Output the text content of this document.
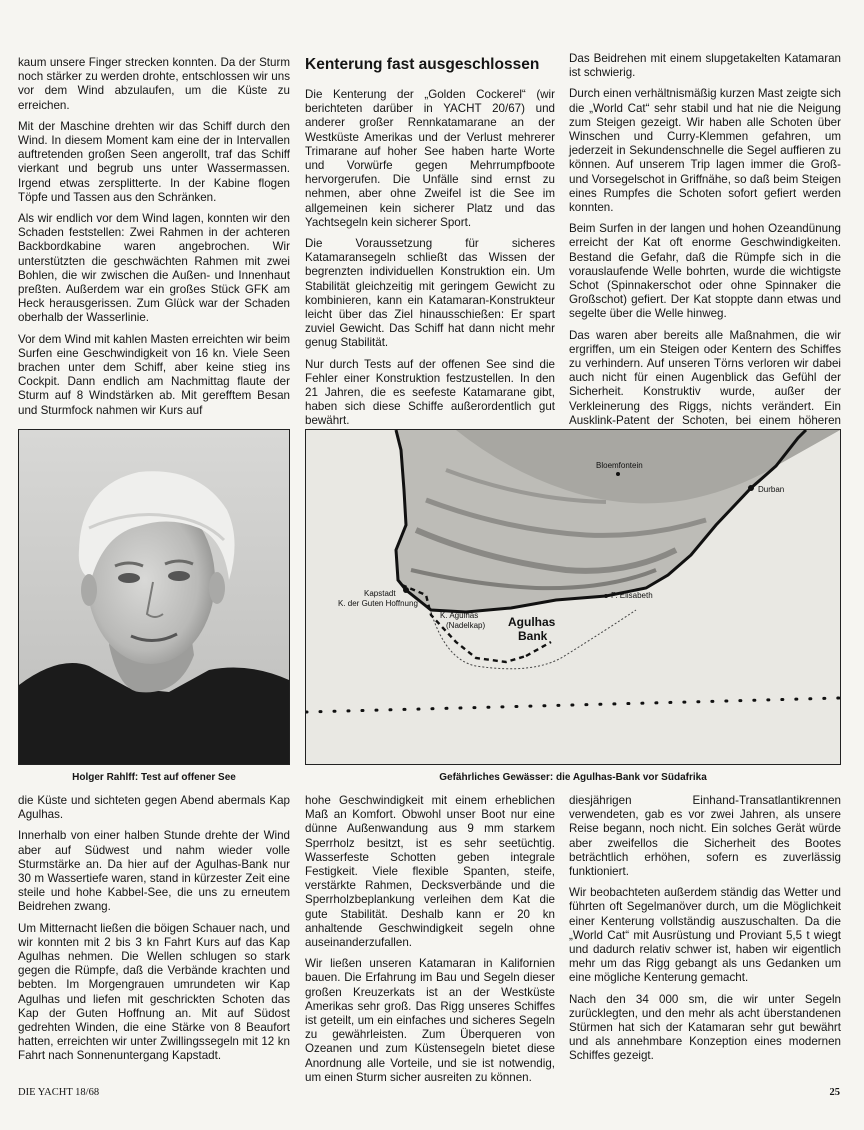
kaum unsere Finger strecken konnten. Da der Sturm noch stärker zu werden drohte, entschlossen wir uns vor dem Wind abzulaufen, um die Küste zu erreichen.

Mit der Maschine drehten wir das Schiff durch den Wind. In diesem Moment kam eine der in Intervallen auftretenden großen Seen angerollt, traf das Schiff vierkant und begrub uns unter Wassermassen. Irgend etwas zersplitterte. In der Kabine flogen Töpfe und Tassen aus den Schränken.

Als wir endlich vor dem Wind lagen, konnten wir den Schaden feststellen: Zwei Rahmen in der achteren Backbordkabine waren angebrochen. Wir unterstützten die geschwächten Rahmen mit zwei Bohlen, die wir zwischen die Außen- und Innenhaut preßten. Außerdem war ein großes Stück GFK am Heck herausgerissen. Zum Glück war der Schaden oberhalb der Wasserlinie.

Vor dem Wind mit kahlen Masten erreichten wir beim Surfen eine Geschwindigkeit von 16 kn. Viele Seen brachen unter dem Schiff, aber keine stieg ins Cockpit. Dann endlich am Nachmittag flaute der Sturm auf 8 Windstärken ab. Mit gerefftem Besan und Sturmfock nahmen wir Kurs auf

Kenterung fast ausgeschlossen

Die Kenterung der „Golden Cockerel“ (wir berichteten darüber in YACHT 20/67) und anderer großer Rennkatamarane an der Westküste Amerikas und der Verlust mehrerer Trimarane auf hoher See haben harte Worte und Vorwürfe gegen Mehrrumpfboote hervorgerufen. Die Unfälle sind ernst zu nehmen, aber ohne Zweifel ist die See im allgemeinen kein sicherer Platz und das Yachtsegeln kein sicherer Sport.

Die Voraussetzung für sicheres Katamaransegeln schließt das Wissen der begrenzten individuellen Konstruktion ein. Um Stabilität gleichzeitig mit geringem Gewicht zu kombinieren, kann ein Katamaran-Konstrukteur leicht über das Ziel hinausschießen: Er spart zuviel Gewicht. Das Schiff hat dann nicht mehr genug Stabilität.

Nur durch Tests auf der offenen See sind die Fehler einer Konstruktion festzustellen. In den 21 Jahren, die es seefeste Katamarane gibt, haben sich diese Schiffe außerordentlich gut bewährt.

Das Beidrehen mit einem slupgetakelten Katamaran ist schwierig.

Durch einen verhältnismäßig kurzen Mast zeigte sich die „World Cat“ sehr stabil und hat nie die Neigung zum Steigen gezeigt. Wir haben alle Schoten über Winschen und Curry-Klemmen gefahren, um jederzeit in Sekundenschnelle die Segel auffieren zu können. Auf unserem Trip lagen immer die Groß- und Vorsegelschot in Griffnähe, so daß beim Steigen eines Rumpfes die Schoten sofort gefiert werden konnten.

Beim Surfen in der langen und hohen Ozeandünung erreicht der Kat oft enorme Geschwindigkeiten. Bestand die Gefahr, daß die Rümpfe sich in die vorauslaufende Welle bohrten, wurde die wichtigste Schot (Spinnakerschot oder ohne Spinnaker die Großschot) gefiert. Der Kat stoppte dann etwas und segelte über die Welle hinweg.

Das waren aber bereits alle Maßnahmen, die wir ergriffen, um ein Steigen oder Kentern des Schiffes zu verhindern. Auf unseren Törns verloren wir dabei auch nicht für einen Augenblick das Gefühl der Sicherheit. Konstruktiv wurde, außer der Verkleinerung des Riggs, nichts verändert. Ein Ausklink-Patent der Schoten, bei einem höheren

Bloemfontein
Durban
Kapstadt
K. der Guten Hoffnung
K. Agulhas
(Nadelkap)
P. Elisabeth
Agulhas
Bank
Holger Rahlff: Test auf offener See	Gefährliches Gewässer: die Agulhas-Bank vor Südafrika

die Küste und sichteten gegen Abend abermals Kap Agulhas.

Innerhalb von einer halben Stunde drehte der Wind aber auf Südwest und nahm wieder volle Sturmstärke an. Da hier auf der Agulhas-Bank nur 30 m Wassertiefe waren, stand in kürzester Zeit eine steile und hohe Kabbel-See, die uns zu erneutem Beidrehen zwang.

Um Mitternacht ließen die böigen Schauer nach, und wir konnten mit 2 bis 3 kn Fahrt Kurs auf das Kap Agulhas nehmen. Die Wellen schlugen so stark gegen die Rümpfe, daß die Verbände krachten und bebten. Im Morgengrauen umrundeten wir Kap Agulhas und liefen mit geschrickten Schoten das Kap der Guten Hoffnung an. Mit auf Südost gedrehten Winden, die eine Stärke von 8 Beaufort hatten, erreichten wir unter Zwillingssegeln mit 12 kn Fahrt nach Sonnenuntergang Kapstadt.

hohe Geschwindigkeit mit einem erheblichen Maß an Komfort. Obwohl unser Boot nur eine dünne Außenwandung aus 9 mm starkem Sperrholz besitzt, ist es sehr seetüchtig. Wasserfeste Schotten geben integrale Festigkeit. Viele flexible Spanten, steife, verstärkte Rahmen, Decksverbände und die Sperrholzbeplankung verleihen dem Kat die gute Stabilität. Deshalb kann er 20 kn anhaltende Geschwindigkeit segeln ohne auseinanderzufallen.

Wir ließen unseren Katamaran in Kalifornien bauen. Die Erfahrung im Bau und Segeln dieser großen Kreuzerkats ist an der Westküste Amerikas sehr groß. Das Rigg unseres Schiffes ist geteilt, um ein einfaches und sicheres Segeln zu gewährleisten. Zum Überqueren von Ozeanen und zum Küstensegeln bietet diese Anordnung alle Vorteile, und sie ist notwendig, um einen Sturm sicher ausreiten zu können.

diesjährigen Einhand-Transatlantikrennen verwendeten, gab es vor zwei Jahren, als unsere Reise begann, noch nicht. Ein solches Gerät würde aber zweifellos die Sicherheit des Bootes beträchtlich erhöhen, sofern es zuverlässig funktioniert.

Wir beobachteten außerdem ständig das Wetter und führten oft Segelmanöver durch, um die Möglichkeit einer Kenterung vollständig auszuschalten. Da die „World Cat“ mit Ausrüstung und Proviant 5,5 t wiegt und dadurch relativ schwer ist, haben wir eigentlich mehr um das Rigg gebangt als uns Gedanken um eine mögliche Kenterung gemacht.

Nach den 34 000 sm, die wir unter Segeln zurücklegten, und den mehr als acht überstandenen Stürmen hat sich der Katamaran sehr gut bewährt und als annehmbare Konzeption eines modernen Schiffes gezeigt.

DIE YACHT 18/68	25
